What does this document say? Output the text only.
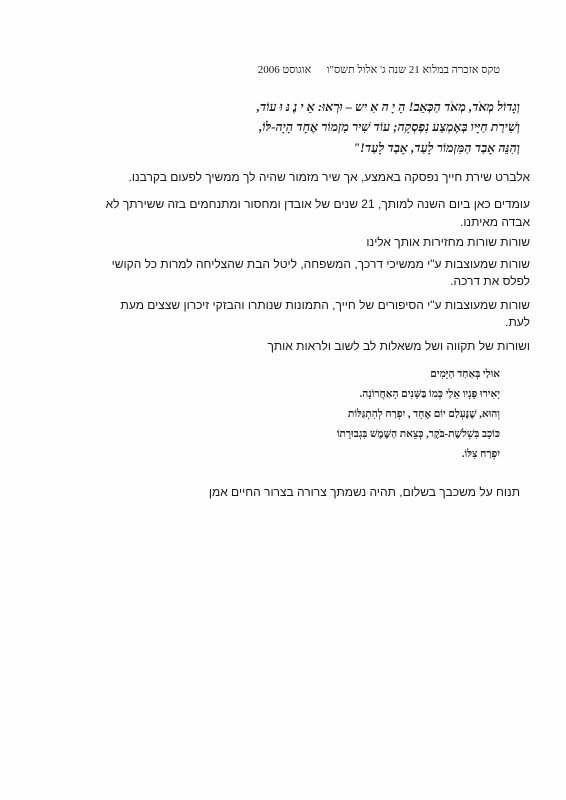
טקס אזכרה במלוא 21 שנה ג' אלול תשס"ו  אוגוסט 2006
וְגָדוֹל מְאֹד, מְאֹד הַכְּאֵב! הָ יָ ה אִ יש – וּרְאוּ: אֵ י נֶ נּ וּ עוֹד,
וְשִׁירַת חַיָּיו בְּאֶמְצַע נִפְסְקָה; עוֹד שִׁיר מִזְמוֹר אֶחָד הָיָה-לּוֹ,
וְהִנֵּה אָבַד הַמִּזְמוֹר לָעַד, אָבַד לָעַד!"
אלברט שירת חייך נפסקה באמצע, אך שיר מזמור שהיה לך ממשיך לפעום בקרבנו.
עומדים כאן ביום השנה למותך, 21 שנים של אובדן ומחסור ומתנחמים בזה ששירתך לא
אבדה מאיתנו.
שורות שורות מחזירות אותך אלינו
שורות שמעוצבות ע"י ממשיכי דרכך, המשפחה, ליטל הבת שהצליחה למרות כל הקושי
לפלס את דרכה.
שורות שמעוצבות ע"י הסיפורים של חייך, התמונות שנותרו והבזקי זיכרון שצצים מעת
לעת.
ושורות של תקווה ושל משאלות לב לשוב ולראות אותך
אוּלַי בְּאַחַד הַיָּמִים
יָאִירוּ פָּנָיו אֵלַי כְּמוֹ בַּשָּׁנִים הָאַחֲרוֹנָה.
וְהוּא, שֶׁנֶּעְלַם יוֹם אֶחָד , יִפְרַח לְהִתְגַּלּוֹת
כּוֹכָב בִּשְׁלֹשֶׁת-בֹּקֶר, כְּצֵאת הַשֶּׁמֶשׁ בִּגְבוּרָתוֹ
יִפְרַח צִלּוֹ.
תנוח על משכבך בשלום, תהיה נשמתך צרורה בצרור החיים אמן
